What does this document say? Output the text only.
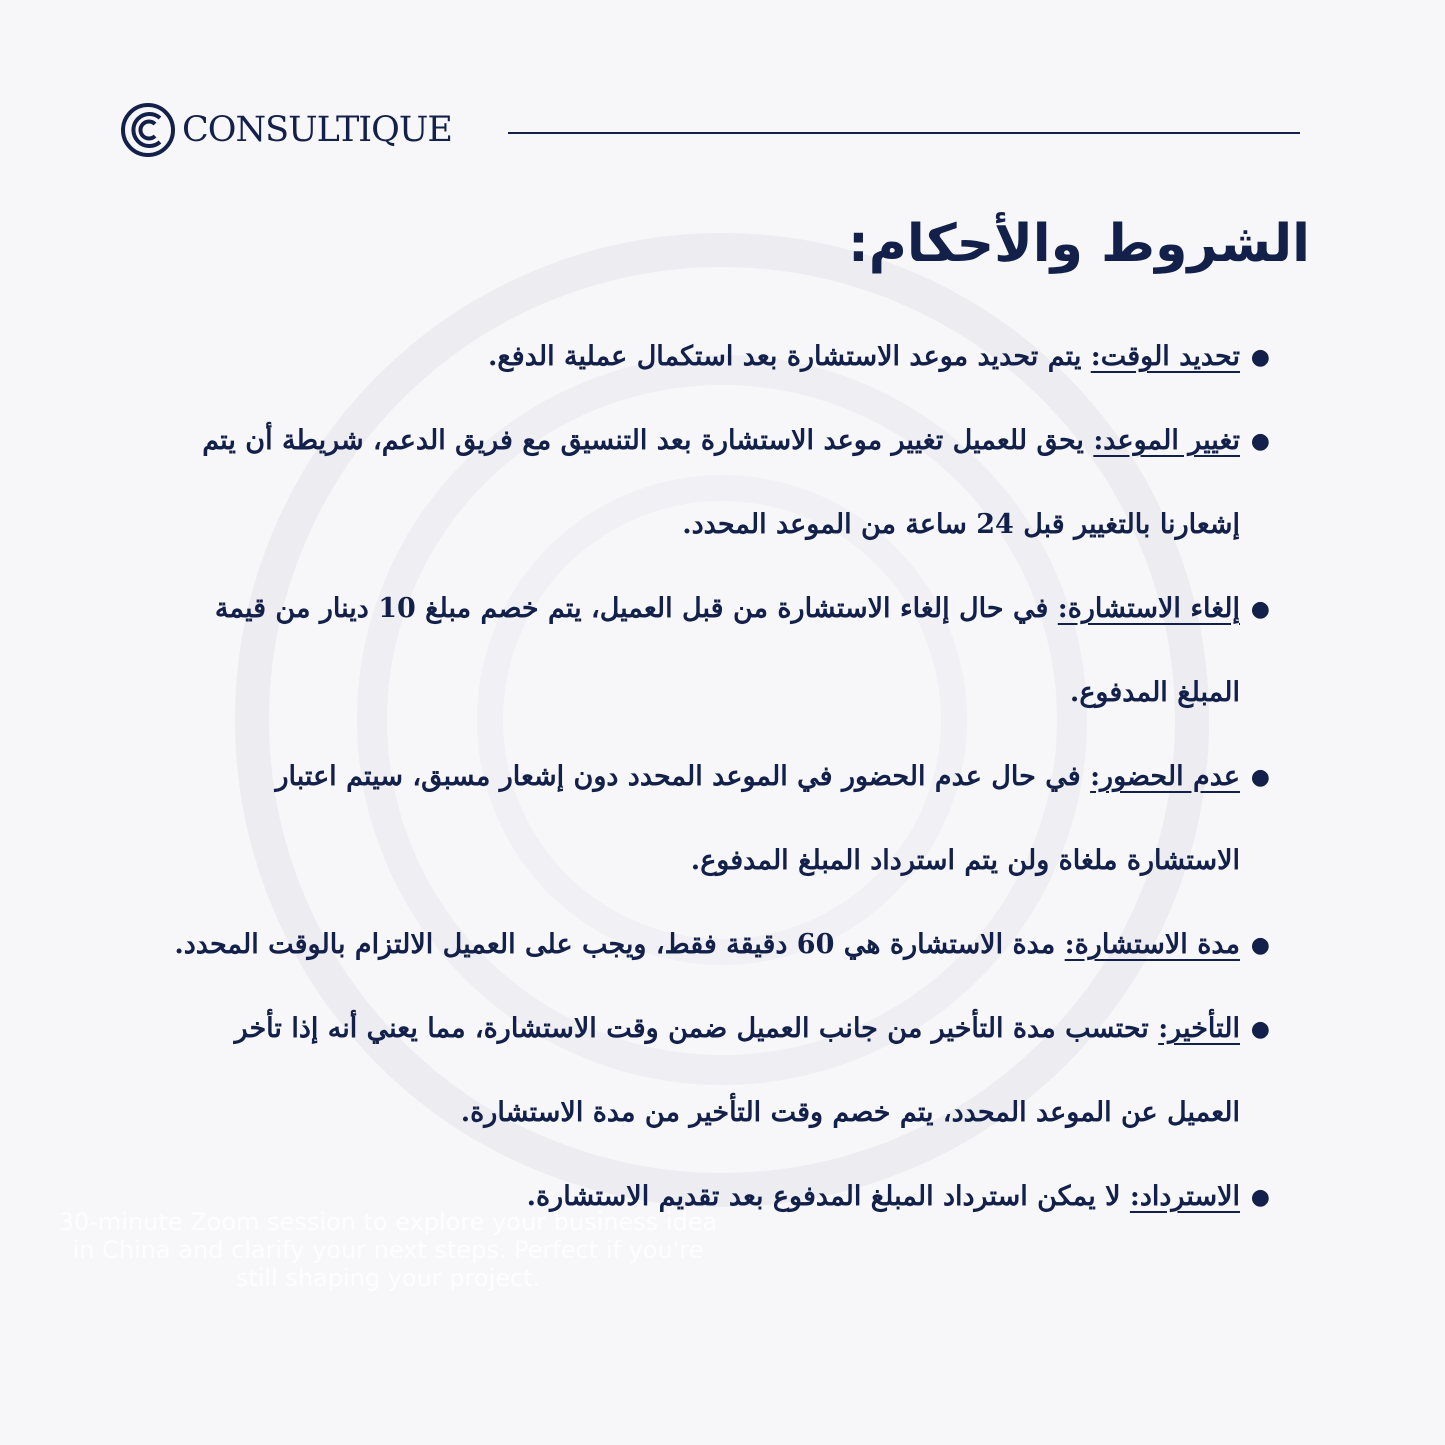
CONSULTIQUE
الشروط والأحكام:
●
تحديد الوقت: يتم تحديد موعد الاستشارة بعد استكمال عملية الدفع.
●
تغيير الموعد: يحق للعميل تغيير موعد الاستشارة بعد التنسيق مع فريق الدعم، شريطة أن يتم إشعارنا بالتغيير قبل 24 ساعة من الموعد المحدد.
●
إلغاء الاستشارة: في حال إلغاء الاستشارة من قبل العميل، يتم خصم مبلغ 10 دينار من قيمة المبلغ المدفوع.
●
عدم الحضور: في حال عدم الحضور في الموعد المحدد دون إشعار مسبق، سيتم اعتبار الاستشارة ملغاة ولن يتم استرداد المبلغ المدفوع.
●
مدة الاستشارة: مدة الاستشارة هي 60 دقيقة فقط، ويجب على العميل الالتزام بالوقت المحدد.
●
التأخير: تحتسب مدة التأخير من جانب العميل ضمن وقت الاستشارة، مما يعني أنه إذا تأخر العميل عن الموعد المحدد، يتم خصم وقت التأخير من مدة الاستشارة.
●
الاسترداد: لا يمكن استرداد المبلغ المدفوع بعد تقديم الاستشارة.
30-minute Zoom session to explore your business idea in China and clarify your next steps. Perfect if you're still shaping your project.
